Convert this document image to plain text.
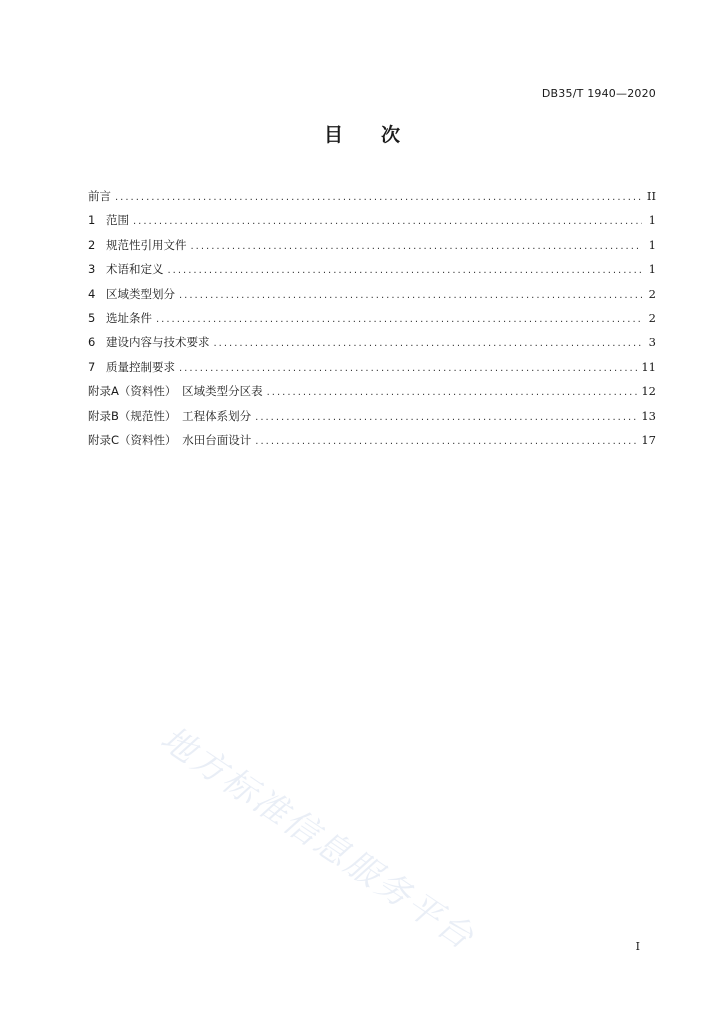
DB35/T 1940—2020
目 次
前言 .....	II
1 范围 .....	1
2 规范性引用文件 .....	1
3 术语和定义 .....	1
4 区域类型划分 .....	2
5 选址条件 .....	2
6 建设内容与技术要求 .....	3
7 质量控制要求 .....	11
附录A（资料性）　区域类型分区表 .....	12
附录B（规范性）　工程体系划分 .....	13
附录C（资料性）　水田台面设计 .....	17
地方标准信息服务平台	I
